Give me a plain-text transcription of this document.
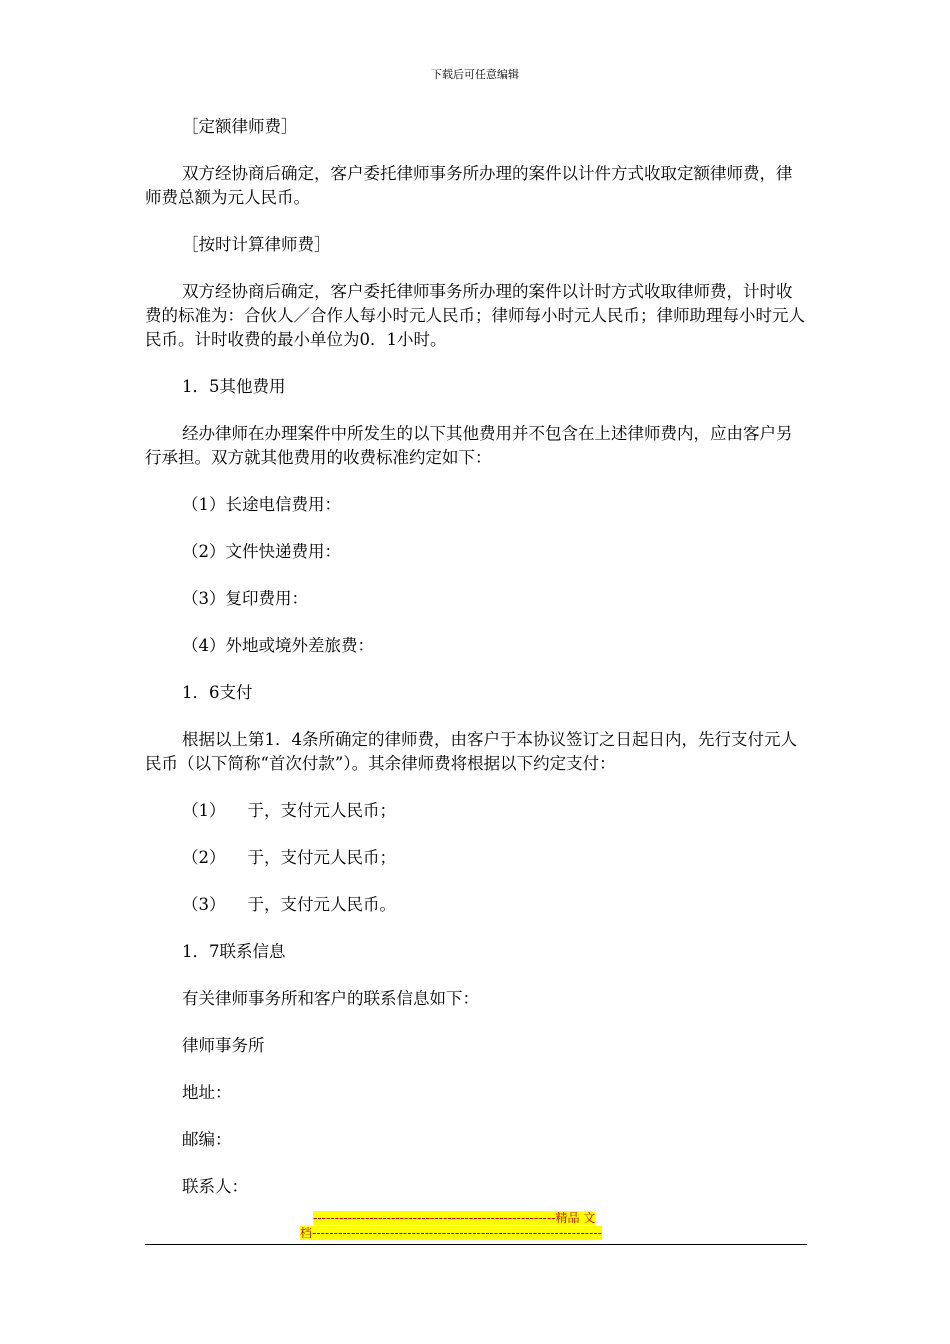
下载后可任意编辑

［定额律师费］

双方经协商后确定，客户委托律师事务所办理的案件以计件方式收取定额律师费，律师费总额为元人民币。

［按时计算律师费］

双方经协商后确定，客户委托律师事务所办理的案件以计时方式收取律师费，计时收费的标准为：合伙人／合作人每小时元人民币；律师每小时元人民币；律师助理每小时元人民币。计时收费的最小单位为0．1小时。

1．5其他费用

经办律师在办理案件中所发生的以下其他费用并不包含在上述律师费内，应由客户另行承担。双方就其他费用的收费标准约定如下：

（1）长途电信费用：

（2）文件快递费用：

（3）复印费用：

（4）外地或境外差旅费：

1．6支付

根据以上第1．4条所确定的律师费，由客户于本协议签订之日起日内，先行支付元人民币（以下简称“首次付款”）。其余律师费将根据以下约定支付：

（1） 于，支付元人民币；

（2） 于，支付元人民币；

（3） 于，支付元人民币。

1．7联系信息

有关律师事务所和客户的联系信息如下：

律师事务所

地址：

邮编：

联系人：

--------------------------------------------------------精品 文
档-------------------------------------------------------------------
